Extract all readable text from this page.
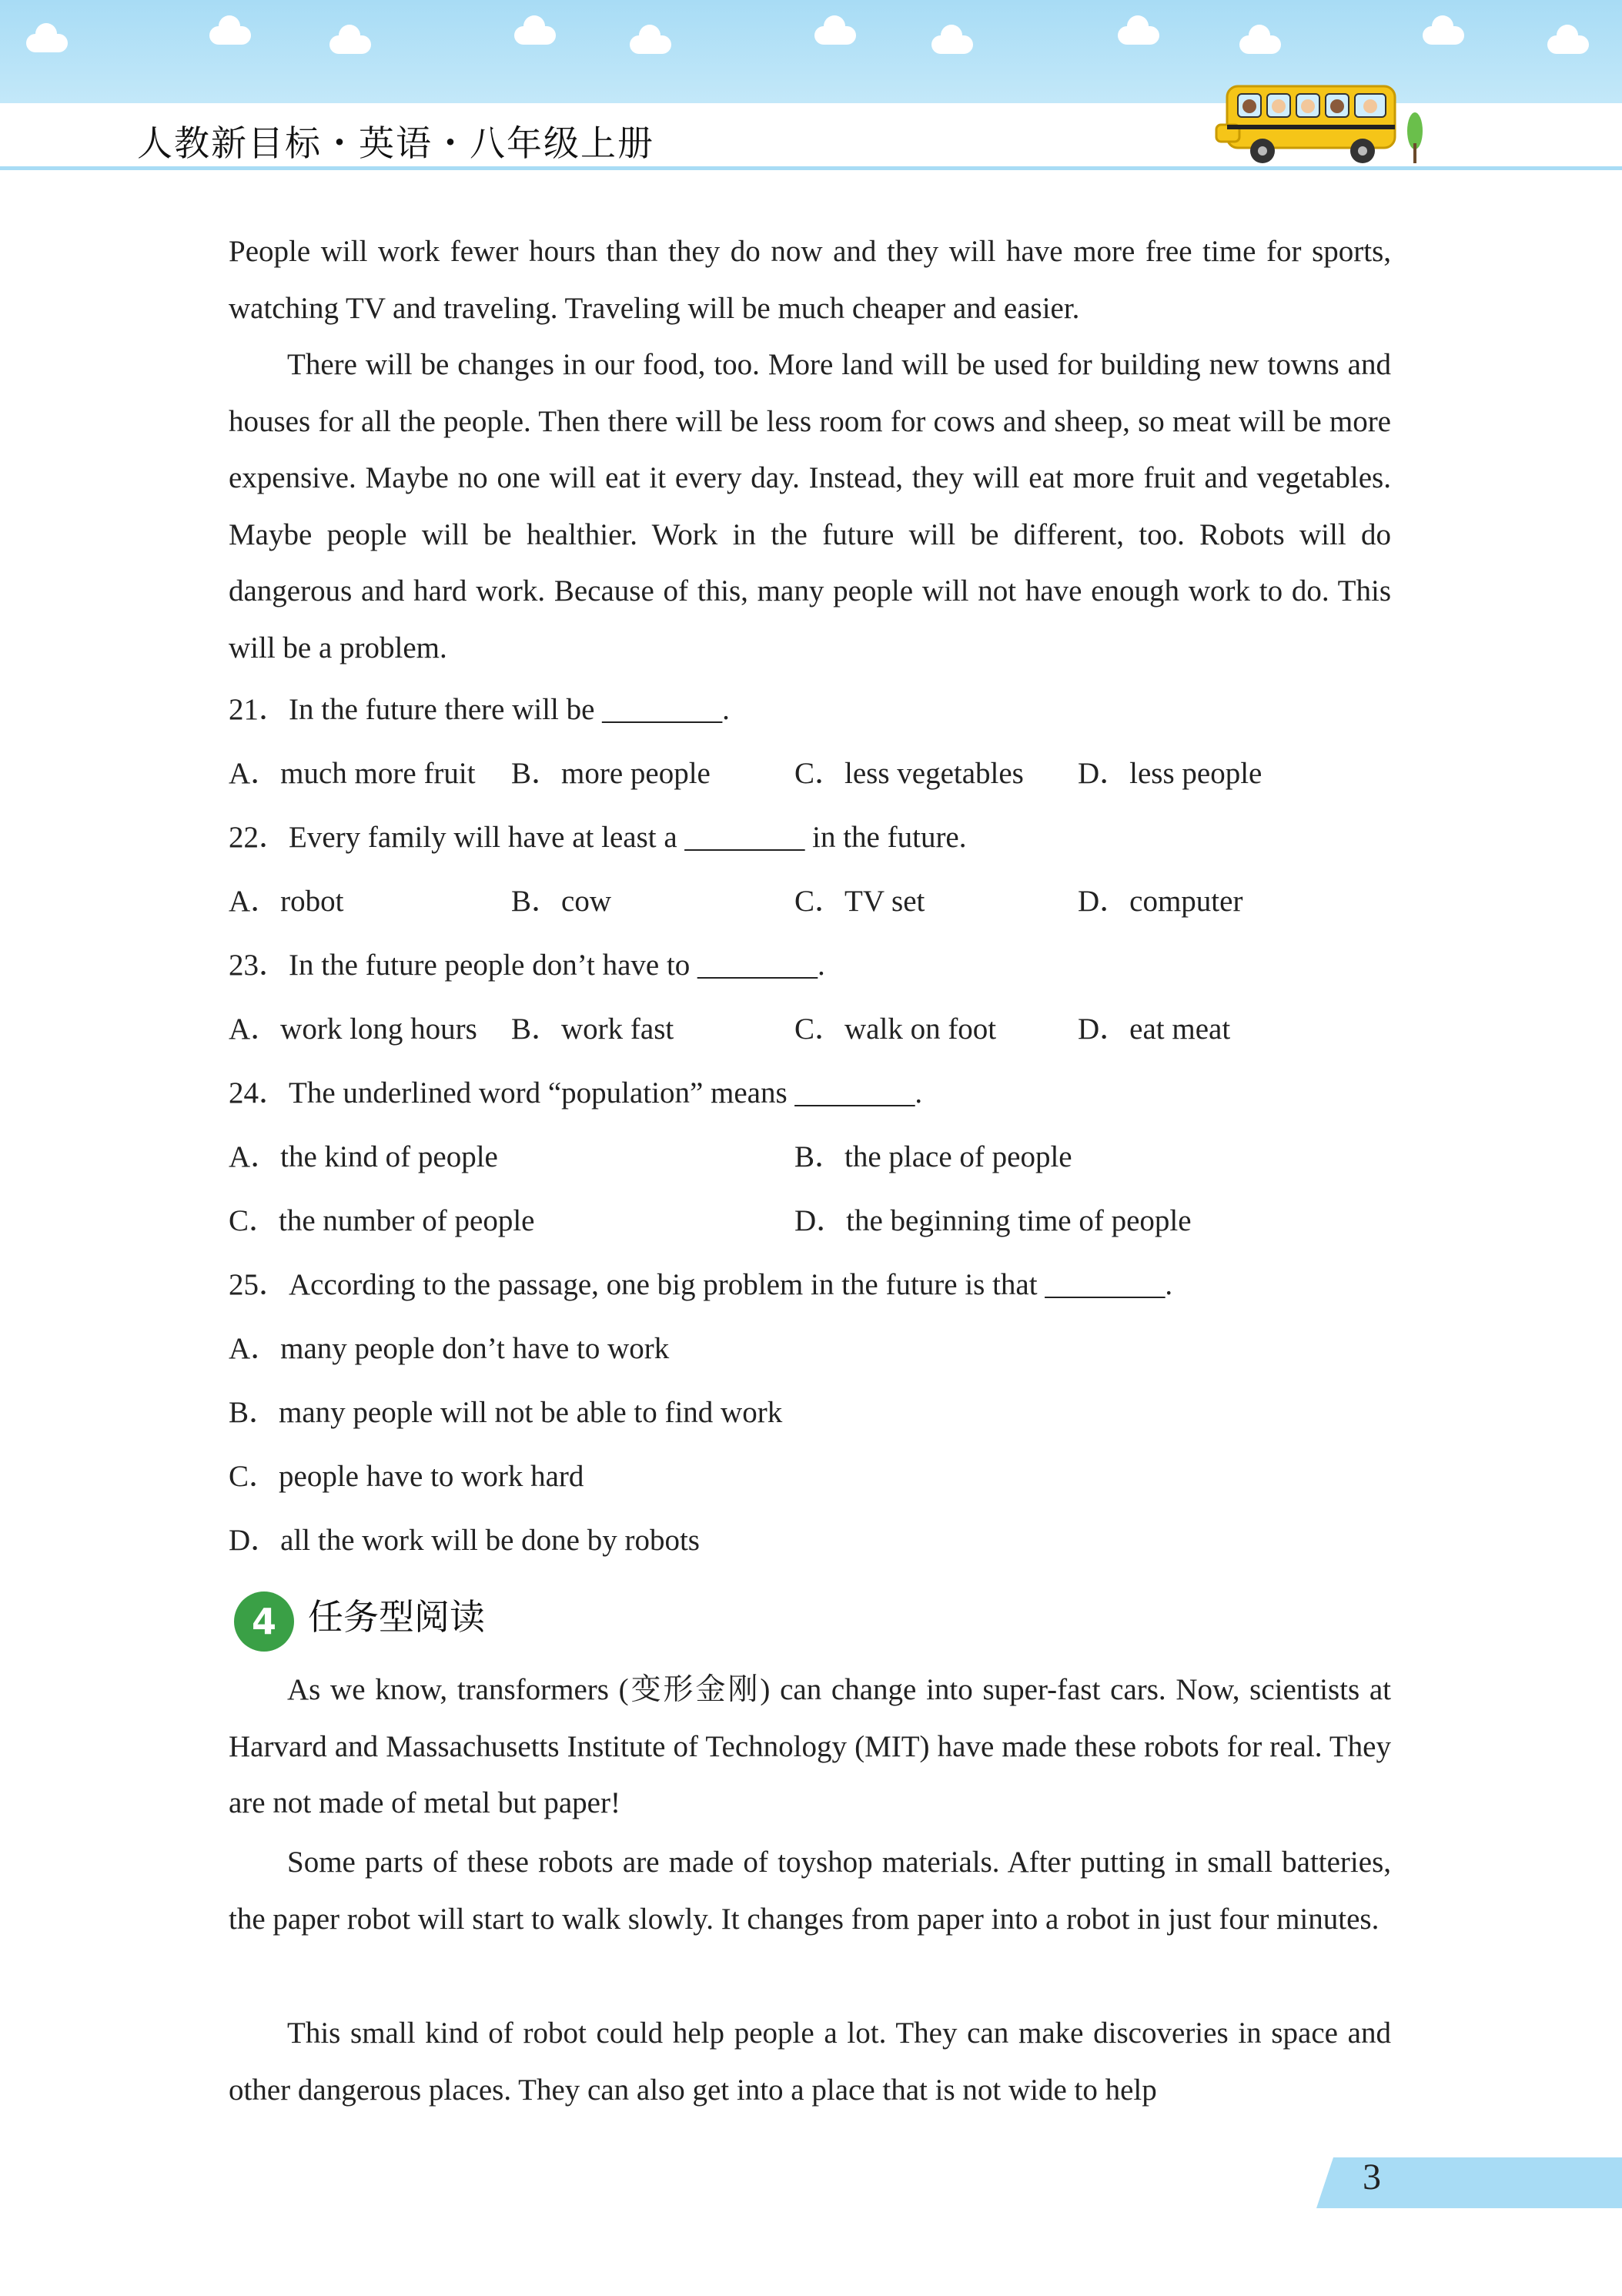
人教新目标・英语・八年级上册
People will work fewer hours than they do now and they will have more free time for sports, watching TV and traveling. Traveling will be much cheaper and easier.
There will be changes in our food, too. More land will be used for building new towns and houses for all the people. Then there will be less room for cows and sheep, so meat will be more expensive. Maybe no one will eat it every day. Instead, they will eat more fruit and vegetables. Maybe people will be healthier. Work in the future will be different, too. Robots will do dangerous and hard work. Because of this, many people will not have enough work to do. This will be a problem.
21．In the future there will be ________.
A．much more fruit B．more people	C．less vegetables D．less people
22．Every family will have at least a ________ in the future.
A．robot	B．cow	C．TV set	D．computer
23．In the future people don’t have to ________.
A．work long hours B．work fast	C．walk on foot	D．eat meat
24．The underlined word “population” means ________.
A．the kind of people	B．the place of people
C．the number of people	D．the beginning time of people
25．According to the passage, one big problem in the future is that ________.
A．many people don’t have to work
B．many people will not be able to find work
C．people have to work hard
D．all the work will be done by robots
4 任务型阅读
As we know, transformers (变形金刚) can change into super-fast cars. Now, scientists at Harvard and Massachusetts Institute of Technology (MIT) have made these robots for real. They are not made of metal but paper!
Some parts of these robots are made of toyshop materials. After putting in small batteries, the paper robot will start to walk slowly. It changes from paper into a robot in just four minutes.
This small kind of robot could help people a lot. They can make discoveries in space and other dangerous places. They can also get into a place that is not wide to help
3
